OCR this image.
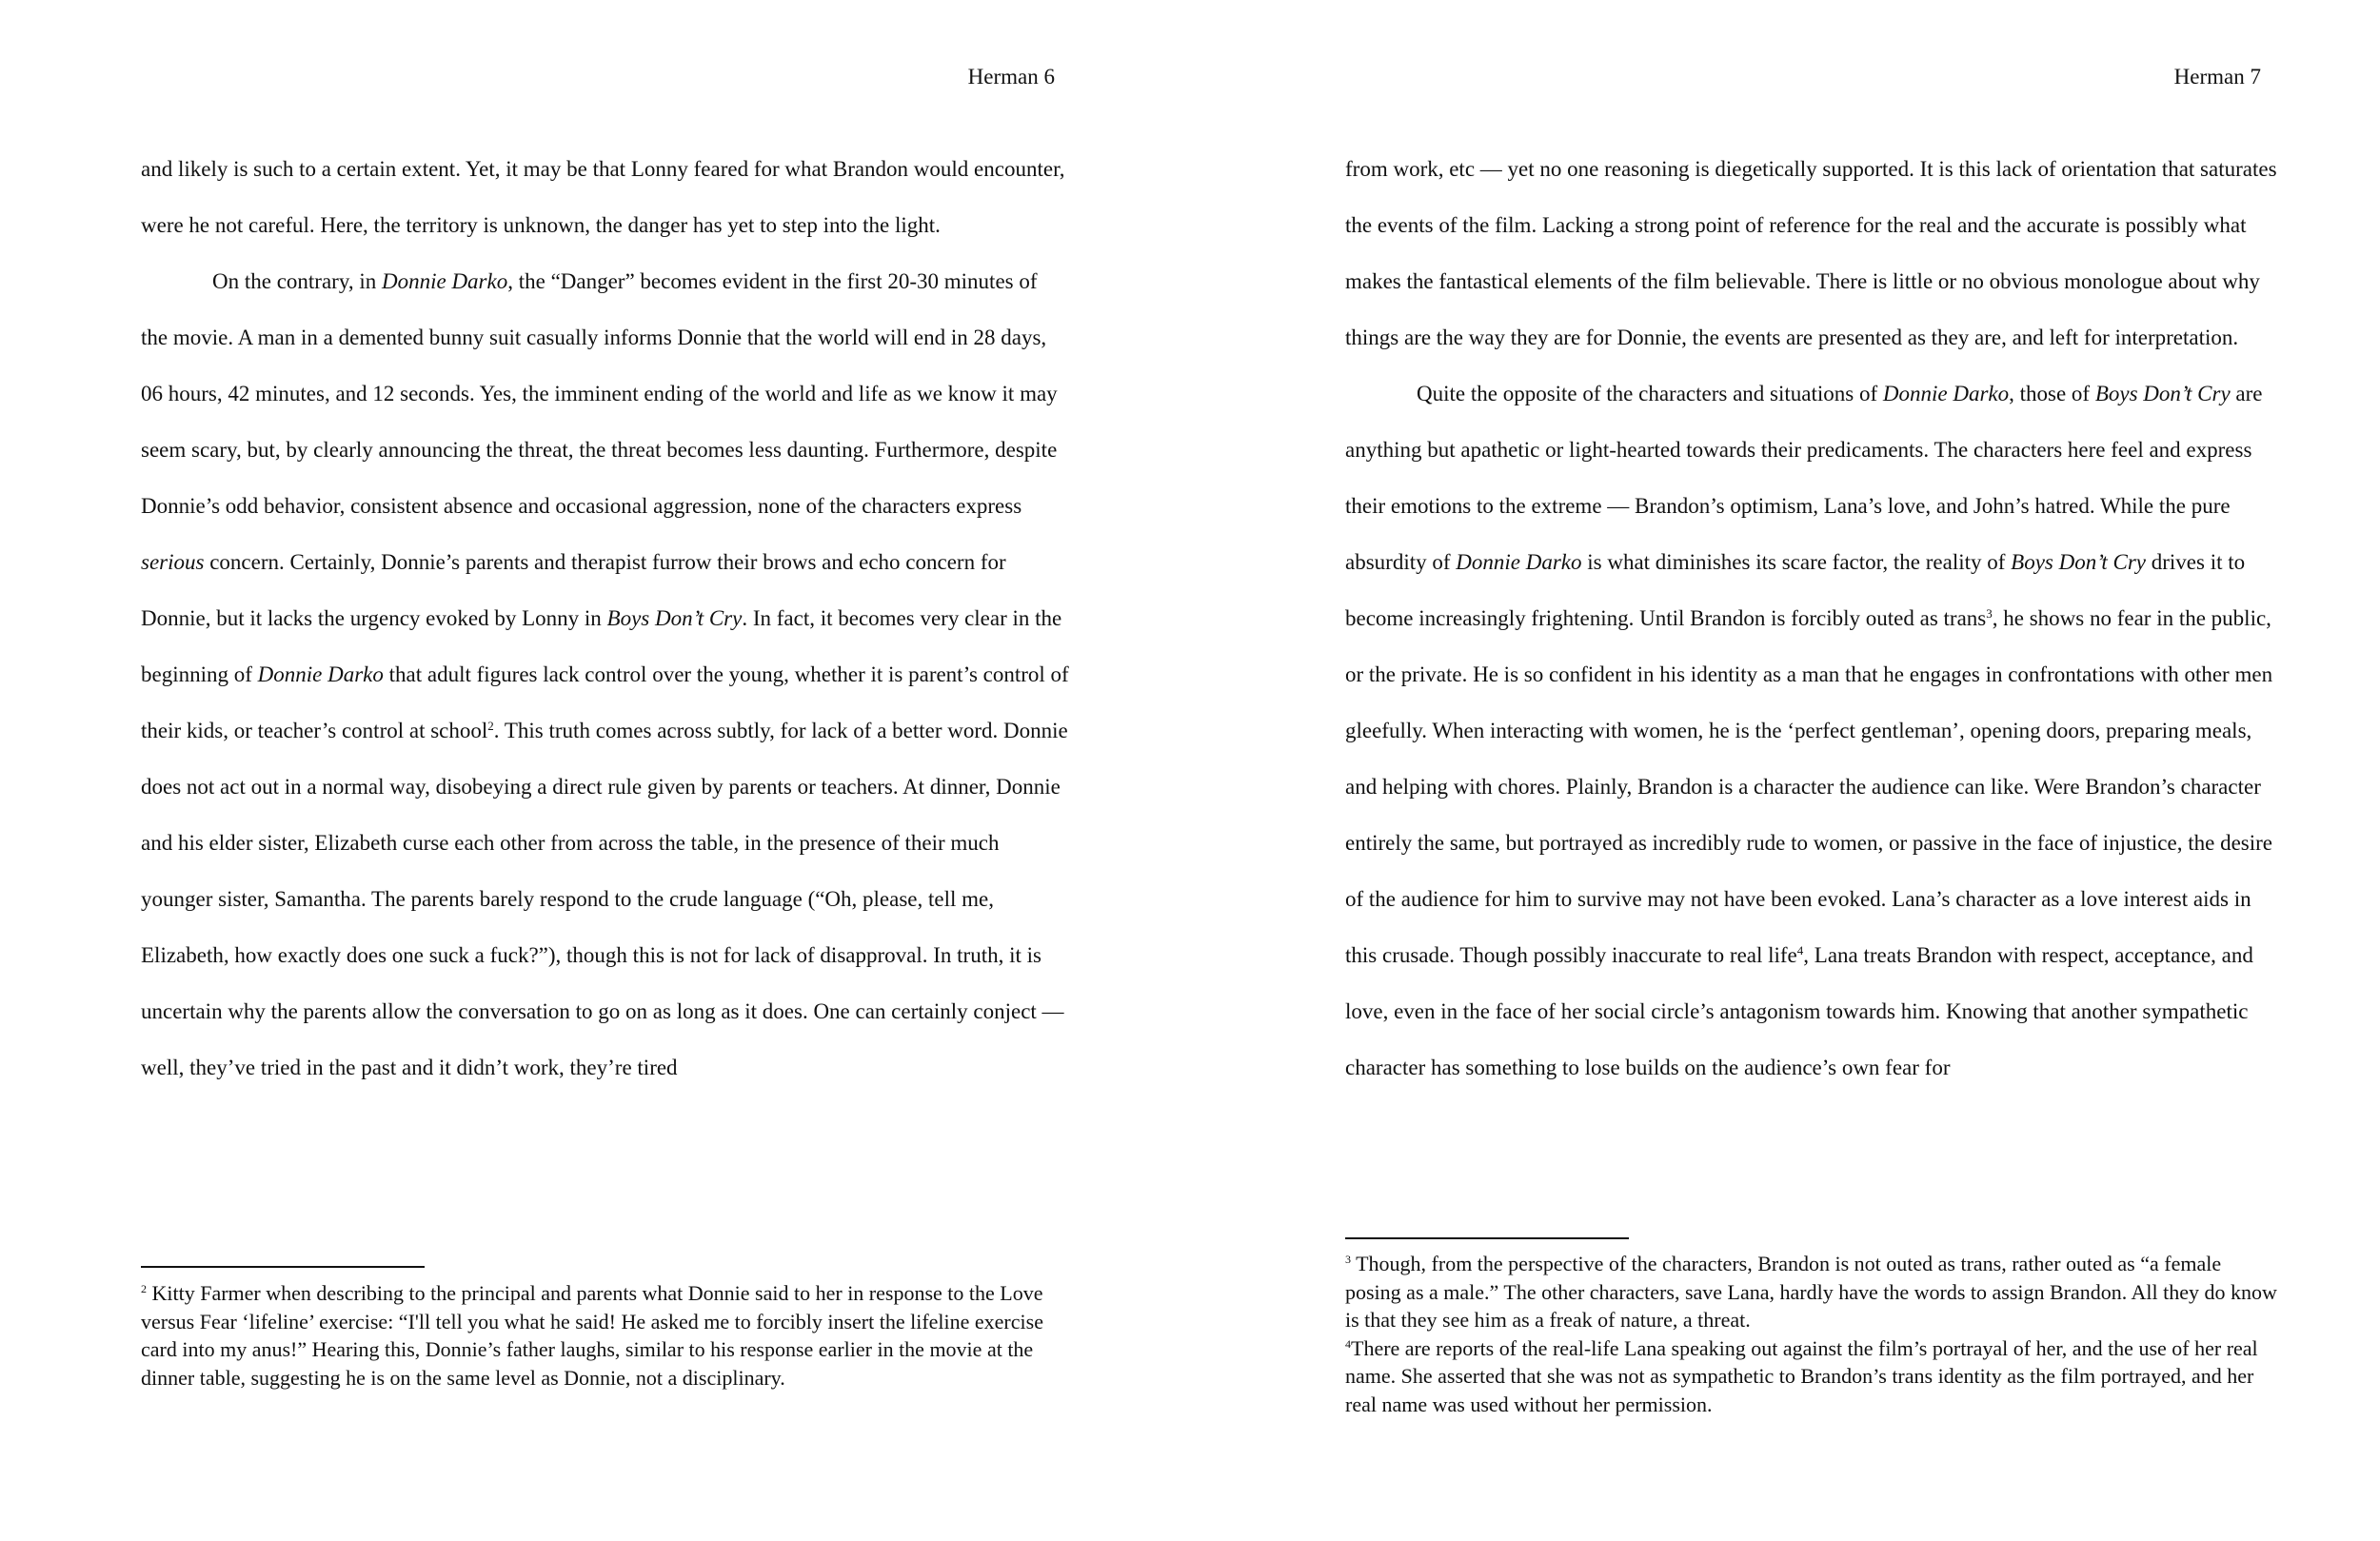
Herman 6

and likely is such to a certain extent. Yet, it may be that Lonny feared for what Brandon would encounter, were he not careful. Here, the territory is unknown, the danger has yet to step into the light.

On the contrary, in Donnie Darko, the “Danger” becomes evident in the first 20-30 minutes of the movie. A man in a demented bunny suit casually informs Donnie that the world will end in 28 days, 06 hours, 42 minutes, and 12 seconds. Yes, the imminent ending of the world and life as we know it may seem scary, but, by clearly announcing the threat, the threat becomes less daunting. Furthermore, despite Donnie’s odd behavior, consistent absence and occasional aggression, none of the characters express serious concern. Certainly, Donnie’s parents and therapist furrow their brows and echo concern for Donnie, but it lacks the urgency evoked by Lonny in Boys Don’t Cry. In fact, it becomes very clear in the beginning of Donnie Darko that adult figures lack control over the young, whether it is parent’s control of their kids, or teacher’s control at school$^2$. This truth comes across subtly, for lack of a better word. Donnie does not act out in a normal way, disobeying a direct rule given by parents or teachers. At dinner, Donnie and his elder sister, Elizabeth curse each other from across the table, in the presence of their much younger sister, Samantha. The parents barely respond to the crude language (“Oh, please, tell me, Elizabeth, how exactly does one suck a fuck?”), though this is not for lack of disapproval. In truth, it is uncertain why the parents allow the conversation to go on as long as it does. One can certainly conject — well, they’ve tried in the past and it didn’t work, they’re tired

$^2$ Kitty Farmer when describing to the principal and parents what Donnie said to her in response to the Love versus Fear ‘lifeline’ exercise: “I'll tell you what he said! He asked me to forcibly insert the lifeline exercise card into my anus!” Hearing this, Donnie’s father laughs, similar to his response earlier in the movie at the dinner table, suggesting he is on the same level as Donnie, not a disciplinary.

Herman 7

from work, etc — yet no one reasoning is diegetically supported. It is this lack of orientation that saturates the events of the film. Lacking a strong point of reference for the real and the accurate is possibly what makes the fantastical elements of the film believable. There is little or no obvious monologue about why things are the way they are for Donnie, the events are presented as they are, and left for interpretation.

Quite the opposite of the characters and situations of Donnie Darko, those of Boys Don’t Cry are anything but apathetic or light-hearted towards their predicaments. The characters here feel and express their emotions to the extreme — Brandon’s optimism, Lana’s love, and John’s hatred. While the pure absurdity of Donnie Darko is what diminishes its scare factor, the reality of Boys Don’t Cry drives it to become increasingly frightening. Until Brandon is forcibly outed as trans$^3$, he shows no fear in the public, or the private. He is so confident in his identity as a man that he engages in confrontations with other men gleefully. When interacting with women, he is the ‘perfect gentleman’, opening doors, preparing meals, and helping with chores. Plainly, Brandon is a character the audience can like. Were Brandon’s character entirely the same, but portrayed as incredibly rude to women, or passive in the face of injustice, the desire of the audience for him to survive may not have been evoked. Lana’s character as a love interest aids in this crusade. Though possibly inaccurate to real life$^4$, Lana treats Brandon with respect, acceptance, and love, even in the face of her social circle’s antagonism towards him. Knowing that another sympathetic character has something to lose builds on the audience’s own fear for

$^3$ Though, from the perspective of the characters, Brandon is not outed as trans, rather outed as “a female posing as a male.” The other characters, save Lana, hardly have the words to assign Brandon. All they do know is that they see him as a freak of nature, a threat.

$^4$There are reports of the real-life Lana speaking out against the film’s portrayal of her, and the use of her real name. She asserted that she was not as sympathetic to Brandon’s trans identity as the film portrayed, and her real name was used without her permission.
